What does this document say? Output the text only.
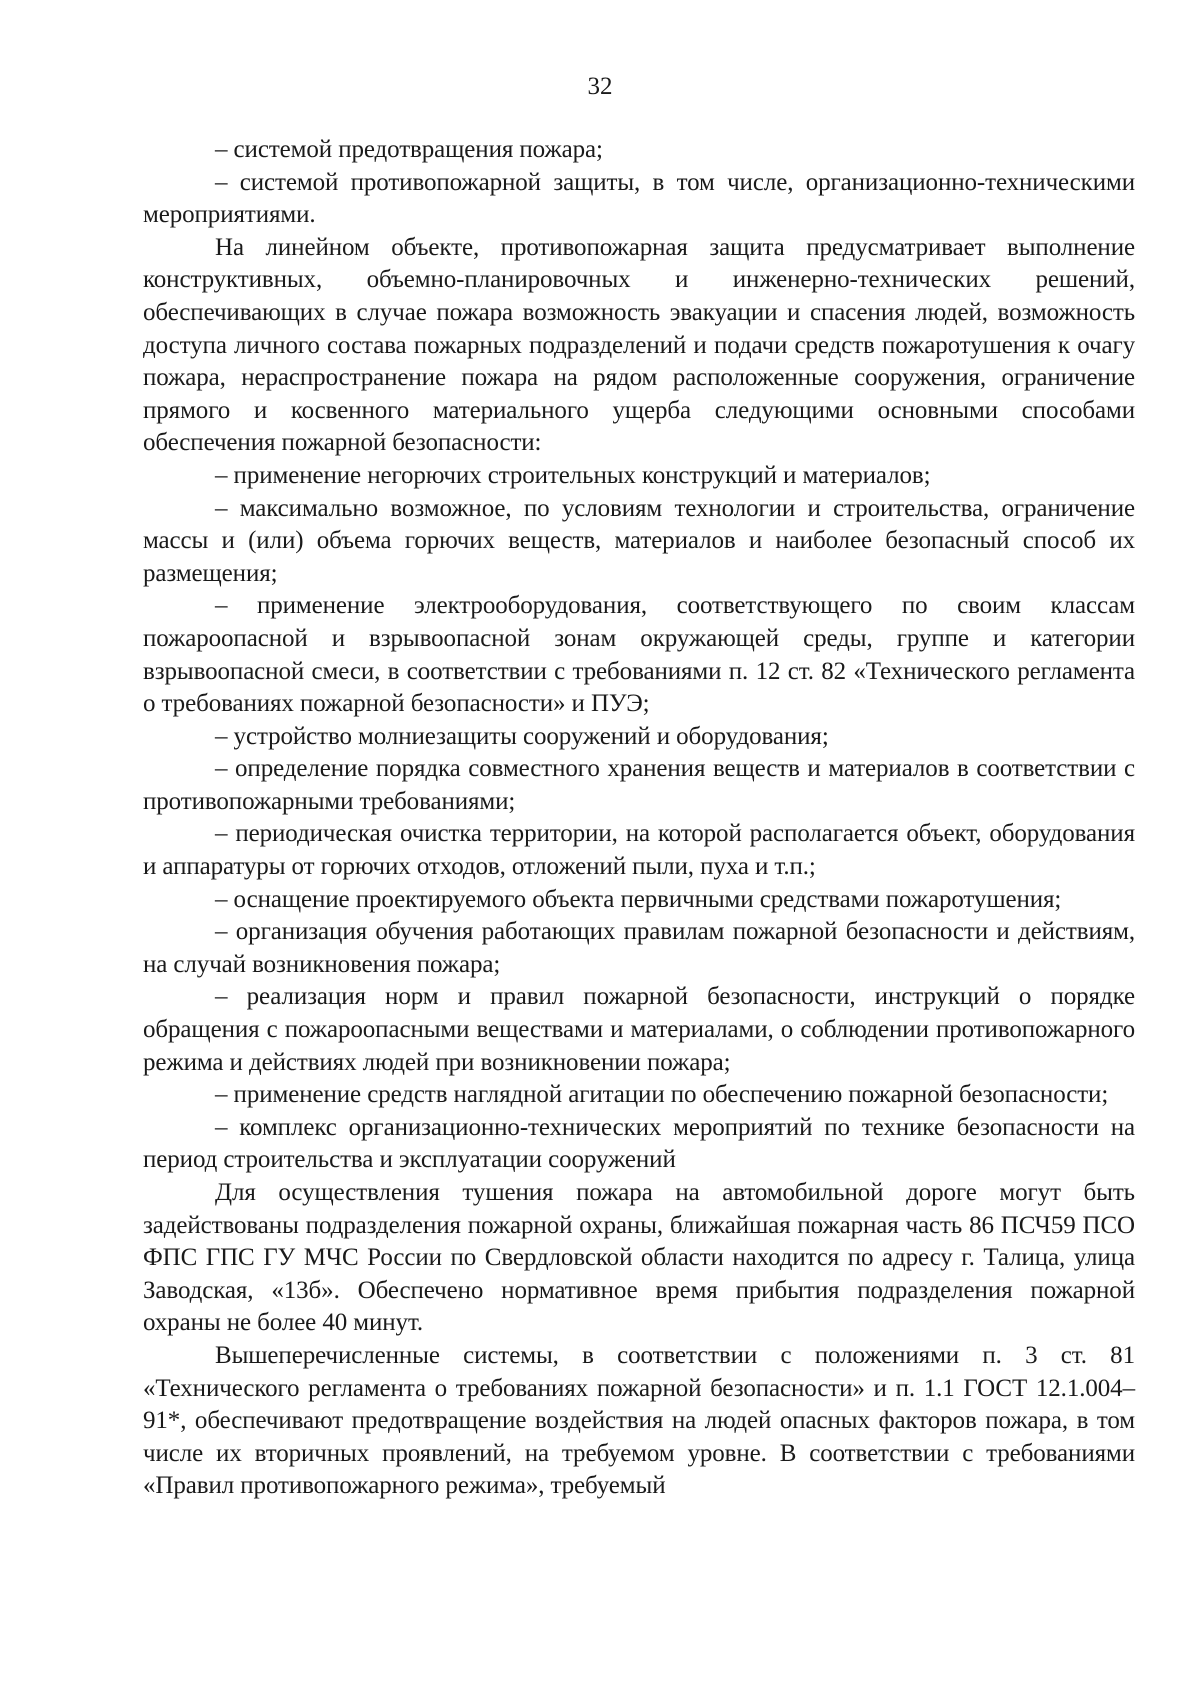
32

– системой предотвращения пожара;

– системой противопожарной защиты, в том числе, организационно-техническими мероприятиями.

На линейном объекте, противопожарная защита предусматривает выполнение конструктивных, объемно-планировочных и инженерно-технических решений, обеспечивающих в случае пожара возможность эвакуации и спасения людей, возможность доступа личного состава пожарных подразделений и подачи средств пожаротушения к очагу пожара, нераспространение пожара на рядом расположенные сооружения, ограничение прямого и косвенного материального ущерба следующими основными способами обеспечения пожарной безопасности:

– применение негорючих строительных конструкций и материалов;

– максимально возможное, по условиям технологии и строительства, ограничение массы и (или) объема горючих веществ, материалов и наиболее безопасный способ их размещения;

– применение электрооборудования, соответствующего по своим классам пожароопасной и взрывоопасной зонам окружающей среды, группе и категории взрывоопасной смеси, в соответствии с требованиями п. 12 ст. 82 «Технического регламента о требованиях пожарной безопасности» и ПУЭ;

– устройство молниезащиты сооружений и оборудования;

– определение порядка совместного хранения веществ и материалов в соответствии с противопожарными требованиями;

– периодическая очистка территории, на которой располагается объект, оборудования и аппаратуры от горючих отходов, отложений пыли, пуха и т.п.;

– оснащение проектируемого объекта первичными средствами пожаротушения;

– организация обучения работающих правилам пожарной безопасности и действиям, на случай возникновения пожара;

– реализация норм и правил пожарной безопасности, инструкций о порядке обращения с пожароопасными веществами и материалами, о соблюдении противопожарного режима и действиях людей при возникновении пожара;

– применение средств наглядной агитации по обеспечению пожарной безопасности;

– комплекс организационно-технических мероприятий по технике безопасности на период строительства и эксплуатации сооружений

Для осуществления тушения пожара на автомобильной дороге могут быть задействованы подразделения пожарной охраны, ближайшая пожарная часть 86 ПСЧ59 ПСО ФПС ГПС ГУ МЧС России по Свердловской области находится по адресу г. Талица, улица Заводская, «13б». Обеспечено нормативное время прибытия подразделения пожарной охраны не более 40 минут.

Вышеперечисленные системы, в соответствии с положениями п. 3 ст. 81 «Технического регламента о требованиях пожарной безопасности» и п. 1.1 ГОСТ 12.1.004–91*, обеспечивают предотвращение воздействия на людей опасных факторов пожара, в том числе их вторичных проявлений, на требуемом уровне. В соответствии с требованиями «Правил противопожарного режима», требуемый
